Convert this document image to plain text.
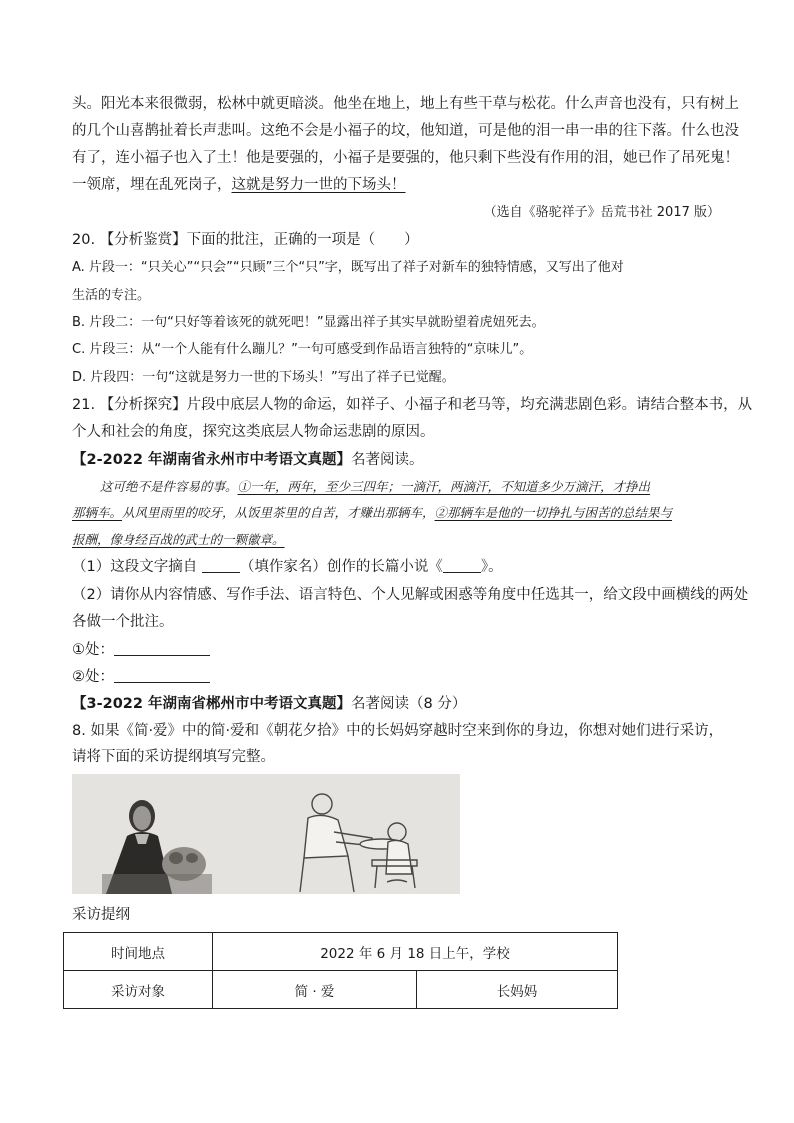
头。阳光本来很微弱，松林中就更暗淡。他坐在地上，地上有些干草与松花。什么声音也没有，只有树上
的几个山喜鹊扯着长声悲叫。这绝不会是小福子的坟，他知道，可是他的泪一串一串的往下落。什么也没
有了，连小福子也入了土！他是要强的，小福子是要强的，他只剩下些没有作用的泪，她已作了吊死鬼！
一领席，埋在乱死岗子，这就是努力一世的下场头！
（选自《骆驼祥子》岳荒书社 2017 版）
20. 【分析鉴赏】下面的批注，正确的一项是（　　）
A. 片段一：“只关心”“只会”“只顾”三个“只”字，既写出了祥子对新车的独特情感，又写出了他对
生活的专注。
B. 片段二：一句“只好等着该死的就死吧！”显露出祥子其实早就盼望着虎妞死去。
C. 片段三：从“一个人能有什么蹦儿？”一句可感受到作品语言独特的“京味儿”。
D. 片段四：一句“这就是努力一世的下场头！”写出了祥子已觉醒。
21. 【分析探究】片段中底层人物的命运，如祥子、小福子和老马等，均充满悲剧色彩。请结合整本书，从
个人和社会的角度，探究这类底层人物命运悲剧的原因。
【2-2022 年湖南省永州市中考语文真题】名著阅读。
这可绝不是件容易的事。①一年，两年，至少三四年；一滴汗，两滴汗，不知道多少万滴汗，才挣出
那辆车。从风里雨里的咬牙，从饭里茶里的自苦，才赚出那辆车，②那辆车是他的一切挣扎与困苦的总结果与
报酬，像身经百战的武士的一颗徽章。
（1）这段文字摘自	（填作家名）创作的长篇小说《	》。
（2）请你从内容情感、写作手法、语言特色、个人见解或困惑等角度中任选其一，给文段中画横线的两处
各做一个批注。
①处：
②处：
【3-2022 年湖南省郴州市中考语文真题】名著阅读（8 分）
8. 如果《简·爱》中的简·爱和《朝花夕拾》中的长妈妈穿越时空来到你的身边，你想对她们进行采访，
请将下面的采访提纲填写完整。
采访提纲
时间地点	2022 年 6 月 18 日上午，学校	
采访对象	简 · 爱	长妈妈
